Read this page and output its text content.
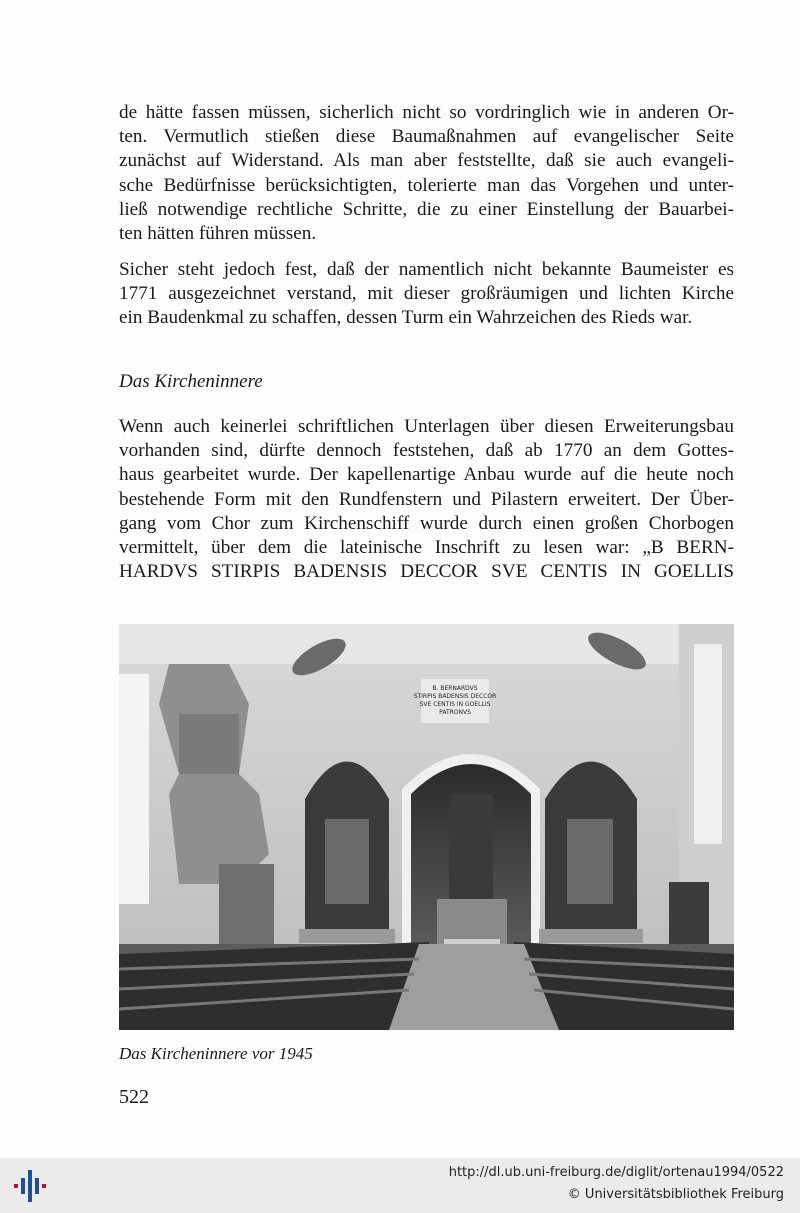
de hätte fassen müssen, sicherlich nicht so vordringlich wie in anderen Or-
ten. Vermutlich stießen diese Baumaßnahmen auf evangelischer Seite
zunächst auf Widerstand. Als man aber feststellte, daß sie auch evangeli-
sche Bedürfnisse berücksichtigten, tolerierte man das Vorgehen und unter-
ließ notwendige rechtliche Schritte, die zu einer Einstellung der Bauarbei-
ten hätten führen müssen.
Sicher steht jedoch fest, daß der namentlich nicht bekannte Baumeister es
1771 ausgezeichnet verstand, mit dieser großräumigen und lichten Kirche
ein Baudenkmal zu schaffen, dessen Turm ein Wahrzeichen des Rieds war.
Das Kircheninnere
Wenn auch keinerlei schriftlichen Unterlagen über diesen Erweiterungsbau
vorhanden sind, dürfte dennoch feststehen, daß ab 1770 an dem Gottes-
haus gearbeitet wurde. Der kapellenartige Anbau wurde auf die heute noch
bestehende Form mit den Rundfenstern und Pilastern erweitert. Der Über-
gang vom Chor zum Kirchenschiff wurde durch einen großen Chorbogen
vermittelt, über dem die lateinische Inschrift zu lesen war: „B BERN-
HARDVS STIRPIS BADENSIS DECCOR SVE CENTIS IN GOELLIS
B. BERNARDVS
STIRPIS BADENSIS DECCOR
SVE CENTIS IN GOELLIS
PATRONVS
Das Kircheninnere vor 1945
522
http://dl.ub.uni-freiburg.de/diglit/ortenau1994/0522
© Universitätsbibliothek Freiburg
